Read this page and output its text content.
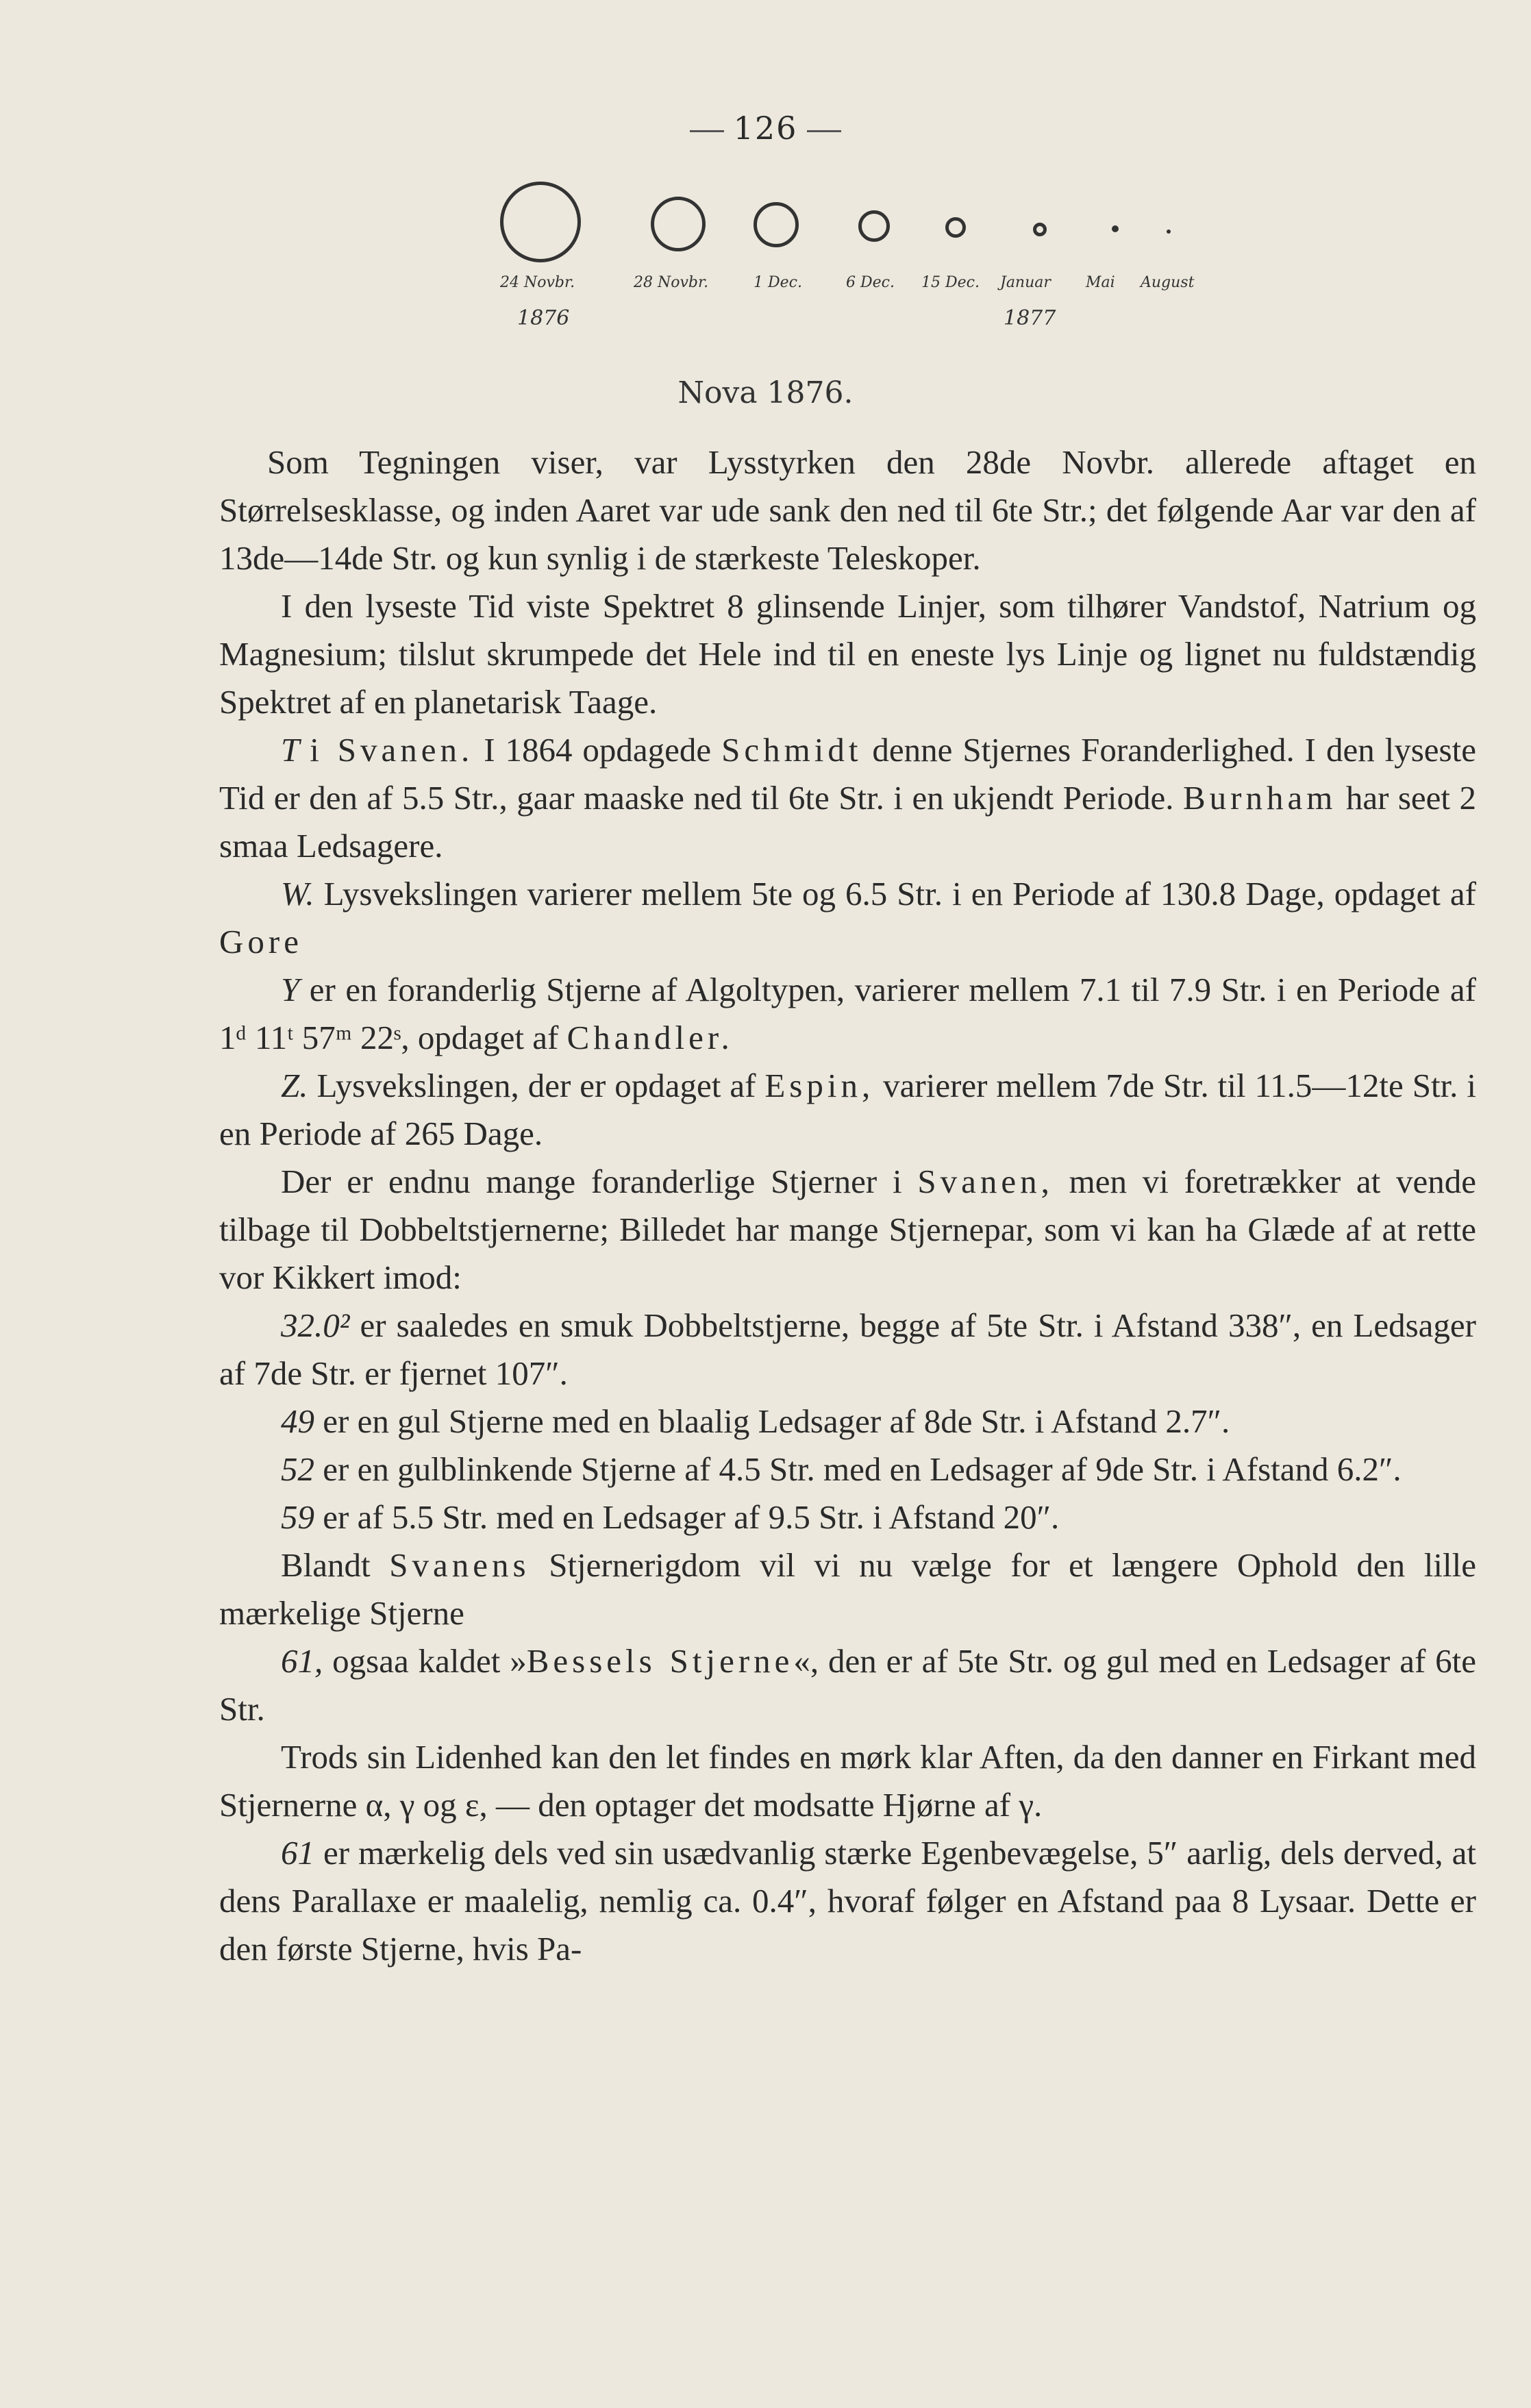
126
24 Novbr.	28 Novbr.	1 Dec.	6 Dec. 15 Dec. Januar Mai August
1876	1877
Nova 1876.

Som Tegningen viser, var Lysstyrken den 28de Novbr. allerede aftaget en Størrelsesklasse, og inden Aaret var ude sank den ned til 6te Str.; det følgende Aar var den af 13de—14de Str. og kun synlig i de stærkeste Teleskoper.

I den lyseste Tid viste Spektret 8 glinsende Linjer, som tilhører Vandstof, Natrium og Magnesium; tilslut skrumpede det Hele ind til en eneste lys Linje og lignet nu fuldstændig Spektret af en planetarisk Taage.

T i Svanen. I 1864 opdagede Schmidt denne Stjernes Foranderlighed. I den lyseste Tid er den af 5.5 Str., gaar maaske ned til 6te Str. i en ukjendt Periode. Burnham har seet 2 smaa Ledsagere.

W. Lysvekslingen varierer mellem 5te og 6.5 Str. i en Periode af 130.8 Dage, opdaget af Gore

Y er en foranderlig Stjerne af Algoltypen, varierer mellem 7.1 til 7.9 Str. i en Periode af 1ᵈ 11ᵗ 57ᵐ 22ˢ, opdaget af Chandler.

Z. Lysvekslingen, der er opdaget af Espin, varierer mellem 7de Str. til 11.5—12te Str. i en Periode af 265 Dage.

Der er endnu mange foranderlige Stjerner i Svanen, men vi foretrækker at vende tilbage til Dobbeltstjernerne; Billedet har mange Stjernepar, som vi kan ha Glæde af at rette vor Kikkert imod:

32.0² er saaledes en smuk Dobbeltstjerne, begge af 5te Str. i Afstand 338″, en Ledsager af 7de Str. er fjernet 107″.

49 er en gul Stjerne med en blaalig Ledsager af 8de Str. i Afstand 2.7″.

52 er en gulblinkende Stjerne af 4.5 Str. med en Ledsager af 9de Str. i Afstand 6.2″.

59 er af 5.5 Str. med en Ledsager af 9.5 Str. i Afstand 20″.

Blandt Svanens Stjernerigdom vil vi nu vælge for et længere Ophold den lille mærkelige Stjerne

61, ogsaa kaldet »Bessels Stjerne«, den er af 5te Str. og gul med en Ledsager af 6te Str.

Trods sin Lidenhed kan den let findes en mørk klar Aften, da den danner en Firkant med Stjernerne α, γ og ε, — den optager det modsatte Hjørne af γ.

61 er mærkelig dels ved sin usædvanlig stærke Egenbevægelse, 5″ aarlig, dels derved, at dens Parallaxe er maalelig, nemlig ca. 0.4″, hvoraf følger en Afstand paa 8 Lysaar. Dette er den første Stjerne, hvis Pa-
